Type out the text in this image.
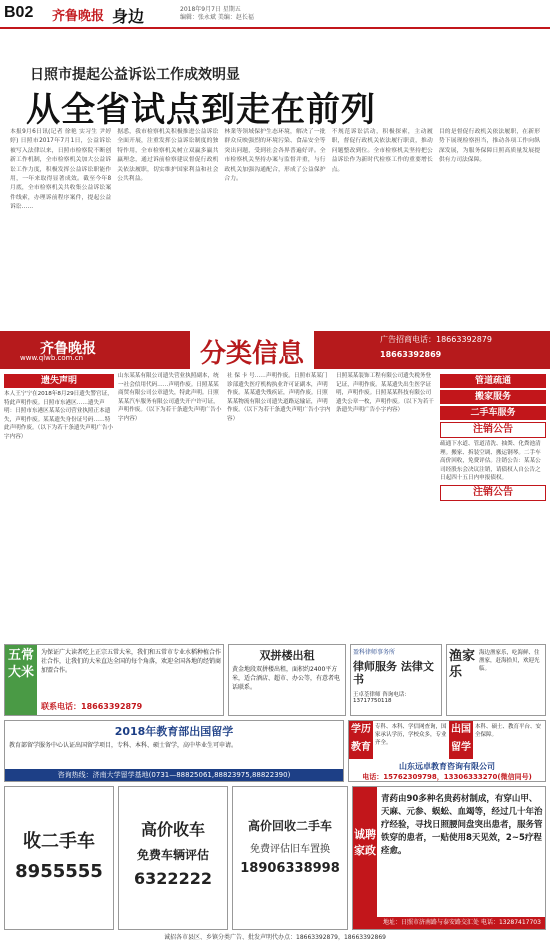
B02 齐鲁晚报 身边	2018年9月7日 星期五
编辑：张永斌 美编：赵长福
日照市提起公益诉讼工作成效明显
从全省试点到走在前列
本报9月6日讯(记者 徐艳 实习生 尹婷婷) 日照市2017年7月1日，公益诉讼被写入法律以来，日照市检察院不断创新工作机制，全市检察机关加大公益诉讼工作力度，积极发挥公益诉讼职能作用，一年来取得显著成效。截至今年8月底，全市检察机关共收集公益诉讼案件线索，办理诉前程序案件，提起公益诉讼……
据悉，我市检察机关积极推进公益诉讼全面开展，注重发挥公益诉讼制度的独特作用，全市检察机关树立双赢多赢共赢理念，通过诉前检察建议督促行政机关依法履职，切实维护国家利益和社会公共利益。
林業等领域保护生态环境，解决了一批群众反映强烈的环境污染、食品安全等突出问题，受到社会各界普遍好评。全市检察机关坚持办案与监督并重，与行政机关加强沟通配合，形成了公益保护合力。
不规范诉讼活动，积极探索，主动履职，督促行政机关依法履行职责，推动问题整改到位。全市检察机关坚持把公益诉讼作为新时代检察工作的重要增长点。
目的是督促行政机关依法履职，在新形势下展现检察担当，推动各项工作向纵深发展，为服务保障日照高质量发展提供有力司法保障。
齐鲁晚报
www.qlwb.com.cn	分类信息	广告招商电话：18663392879
18663392869
遗失声明
本人王宁宁在2018年8月29日遗失警官证，特此声明作废。日照市东港区……遗失声明：日照市东港区某某公司营业执照正本遗失，声明作废。某某遗失身份证号码……特此声明作废。（以下为若干条遗失声明广告小字内容）
山东某某有限公司遗失营业执照副本，统一社会信用代码……声明作废。日照某某商贸有限公司公章遗失，特此声明。日照某某汽车服务有限公司遗失开户许可证，声明作废。（以下为若干条遗失声明广告小字内容）
社 保 卡 号……声明作废。日照市某某门诊部遗失医疗机构执业许可证副本，声明作废。某某遗失残疾证，声明作废。日照某某物流有限公司遗失道路运输证，声明作废。（以下为若干条遗失声明广告小字内容）
日照某某装饰工程有限公司遗失税务登记证，声明作废。某某遗失出生医学证明，声明作废。日照某某科技有限公司遗失公章一枚，声明作废。（以下为若干条遗失声明广告小字内容）
管道疏通
搬家服务
二手车服务
注销公告
疏通下水道、管道清洗、抽粪、化粪池清理。搬家、拆装空调、搬运钢琴。二手车高价回收，免费评估。注销公告：某某公司经股东会决议注销，请债权人自公告之日起四十五日内申报债权。
注销公告
五常大米
为保证广大读者吃上正宗五常大米，我们和五常市专业水稻种植合作社合作，让我们的大米直达全国的每个角落，欢迎全国各地的经销商加盟合作。
联系电话：18663392879
双拼楼出租
黄金地段双拼楼出租，面积约2400平方米，适合酒店、超市、办公等，有意者电话联系。
盈科律师事务所
律师服务 法律文书
王卓荃律师 咨询电话：13717750118
渔家乐
海边渔家乐，吃海鲜、住渔家，赶海拾贝，欢迎光临。
2018年教育部出国留学
教育部留学服务中心认证出国留学项目，专科、本科、硕士留学，高中毕业生可申请。
咨询热线：济南大学留学基地(0731—88825061,88823975,88822390)
学历教育
专科、本科、学信网查询，国家承认学历，学校众多，专业齐全。
出国留学
本科、硕士、教育平台、安全保障。
山东远卓教育咨询有限公司
电话：15762309798，13306333270(微信同号)
收二手车
8955555
高价收车
免费车辆评估
6322222
高价回收二手车
免费评估旧车置换
18906338998
诚聘家政
青药由90多种名贵药材制成，有穿山甲、天麻、元参、蜈蚣、血竭等，经过几十年治疗经验，寻找日照腰间盘突出患者，服务管铁穿的患者，一贴使用8天见效，2~5疗程痊愈。
地址：日照市济南路与泰安路交汇处 电话：13287417703
诚招各市县区、乡镇分类广告、批发声明代办点：18663392879，18663392869
